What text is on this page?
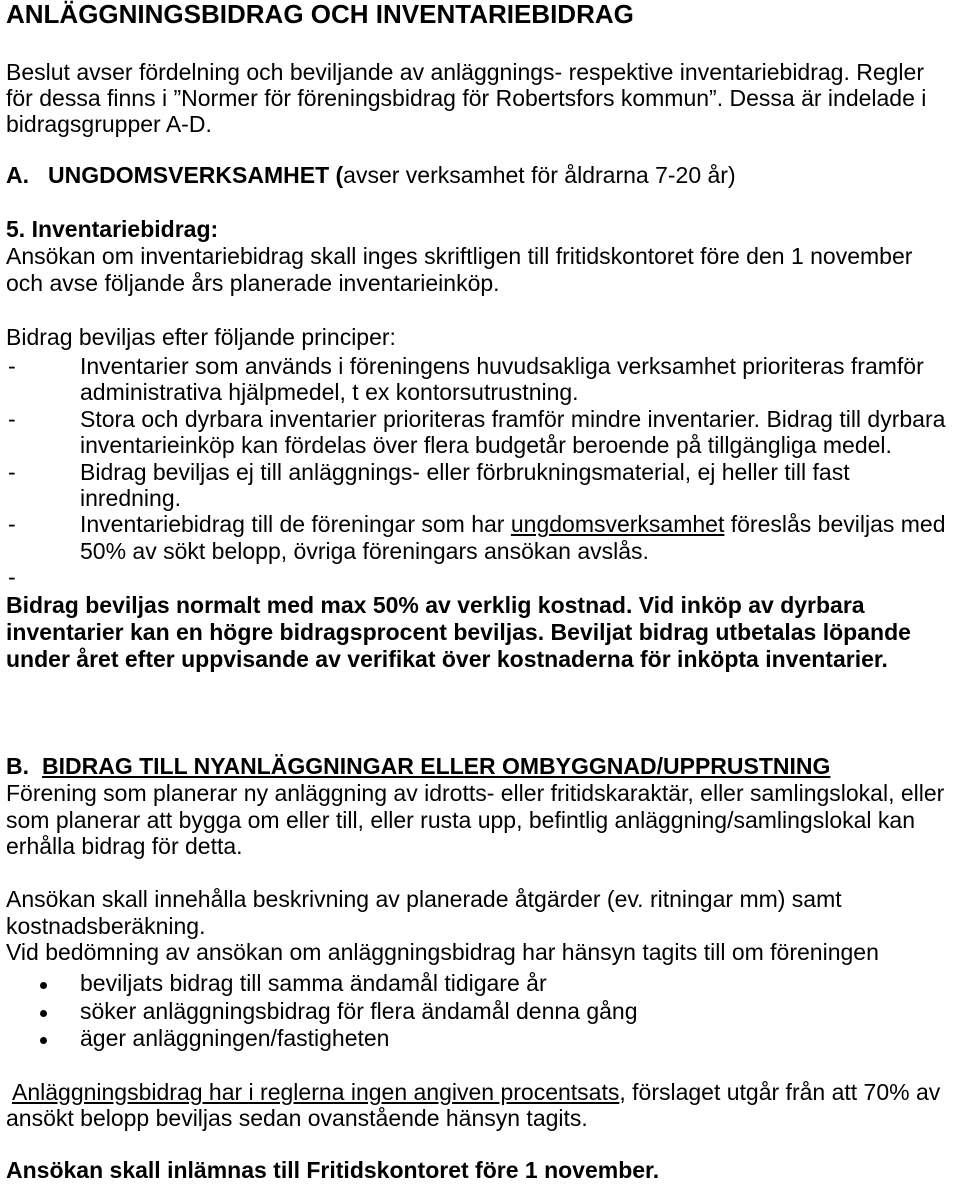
ANLÄGGNINGSBIDRAG OCH INVENTARIEBIDRAG
Beslut avser fördelning och beviljande av anläggnings- respektive inventariebidrag. Regler
för dessa finns i ”Normer för föreningsbidrag för Robertsfors kommun”. Dessa är indelade i
bidragsgrupper A-D.
A. UNGDOMSVERKSAMHET (avser verksamhet för åldrarna 7-20 år)
5. Inventariebidrag:
Ansökan om inventariebidrag skall inges skriftligen till fritidskontoret före den 1 november
och avse följande års planerade inventarieinköp.
Bidrag beviljas efter följande principer:
-	Inventarier som används i föreningens huvudsakliga verksamhet prioriteras framför
administrativa hjälpmedel, t ex kontorsutrustning.
-	Stora och dyrbara inventarier prioriteras framför mindre inventarier. Bidrag till dyrbara
inventarieinköp kan fördelas över flera budgetår beroende på tillgängliga medel.
-	Bidrag beviljas ej till anläggnings- eller förbrukningsmaterial, ej heller till fast
inredning.
-	Inventariebidrag till de föreningar som har ungdomsverksamhet föreslås beviljas med
50% av sökt belopp, övriga föreningars ansökan avslås.
-
Bidrag beviljas normalt med max 50% av verklig kostnad. Vid inköp av dyrbara
inventarier kan en högre bidragsprocent beviljas. Beviljat bidrag utbetalas löpande
under året efter uppvisande av verifikat över kostnaderna för inköpta inventarier.
B. BIDRAG TILL NYANLÄGGNINGAR ELLER OMBYGGNAD/UPPRUSTNING
Förening som planerar ny anläggning av idrotts- eller fritidskaraktär, eller samlingslokal, eller
som planerar att bygga om eller till, eller rusta upp, befintlig anläggning/samlingslokal kan
erhålla bidrag för detta.
Ansökan skall innehålla beskrivning av planerade åtgärder (ev. ritningar mm) samt
kostnadsberäkning.
Vid bedömning av ansökan om anläggningsbidrag har hänsyn tagits till om föreningen
beviljats bidrag till samma ändamål tidigare år
söker anläggningsbidrag för flera ändamål denna gång
äger anläggningen/fastigheten
Anläggningsbidrag har i reglerna ingen angiven procentsats, förslaget utgår från att 70% av
ansökt belopp beviljas sedan ovanstående hänsyn tagits.
Ansökan skall inlämnas till Fritidskontoret före 1 november.
